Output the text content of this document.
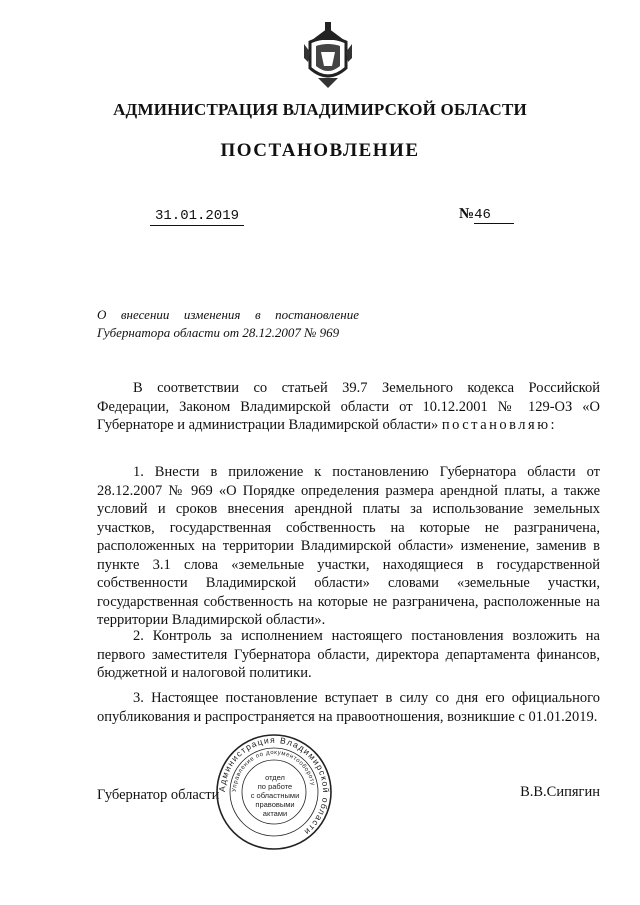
АДМИНИСТРАЦИЯ ВЛАДИМИРСКОЙ ОБЛАСТИ
ПОСТАНОВЛЕНИЕ
31.01.2019	№46
О внесении изменения в постановление
Губернатора области от 28.12.2007 № 969
В соответствии со статьей 39.7 Земельного кодекса Российской Федерации, Законом Владимирской области от 10.12.2001 № 129-ОЗ «О Губернаторе и администрации Владимирской области» постановляю:
1. Внести в приложение к постановлению Губернатора области от 28.12.2007 № 969 «О Порядке определения размера арендной платы, а также условий и сроков внесения арендной платы за использование земельных участков, государственная собственность на которые не разграничена, расположенных на территории Владимирской области» изменение, заменив в пункте 3.1 слова «земельные участки, находящиеся в государственной собственности Владимирской области» словами «земельные участки, государственная собственность на которые не разграничена, расположенные на территории Владимирской области».
2. Контроль за исполнением настоящего постановления возложить на первого заместителя Губернатора области, директора департамента финансов, бюджетной и налоговой политики.
3. Настоящее постановление вступает в силу со дня его официального опубликования и распространяется на правоотношения, возникшие с 01.01.2019.
Губернатор области	В.В.Сипягин
Администрация Владимирской области
Управление по документообороту
отдел
по работе
с областными
правовыми
актами
